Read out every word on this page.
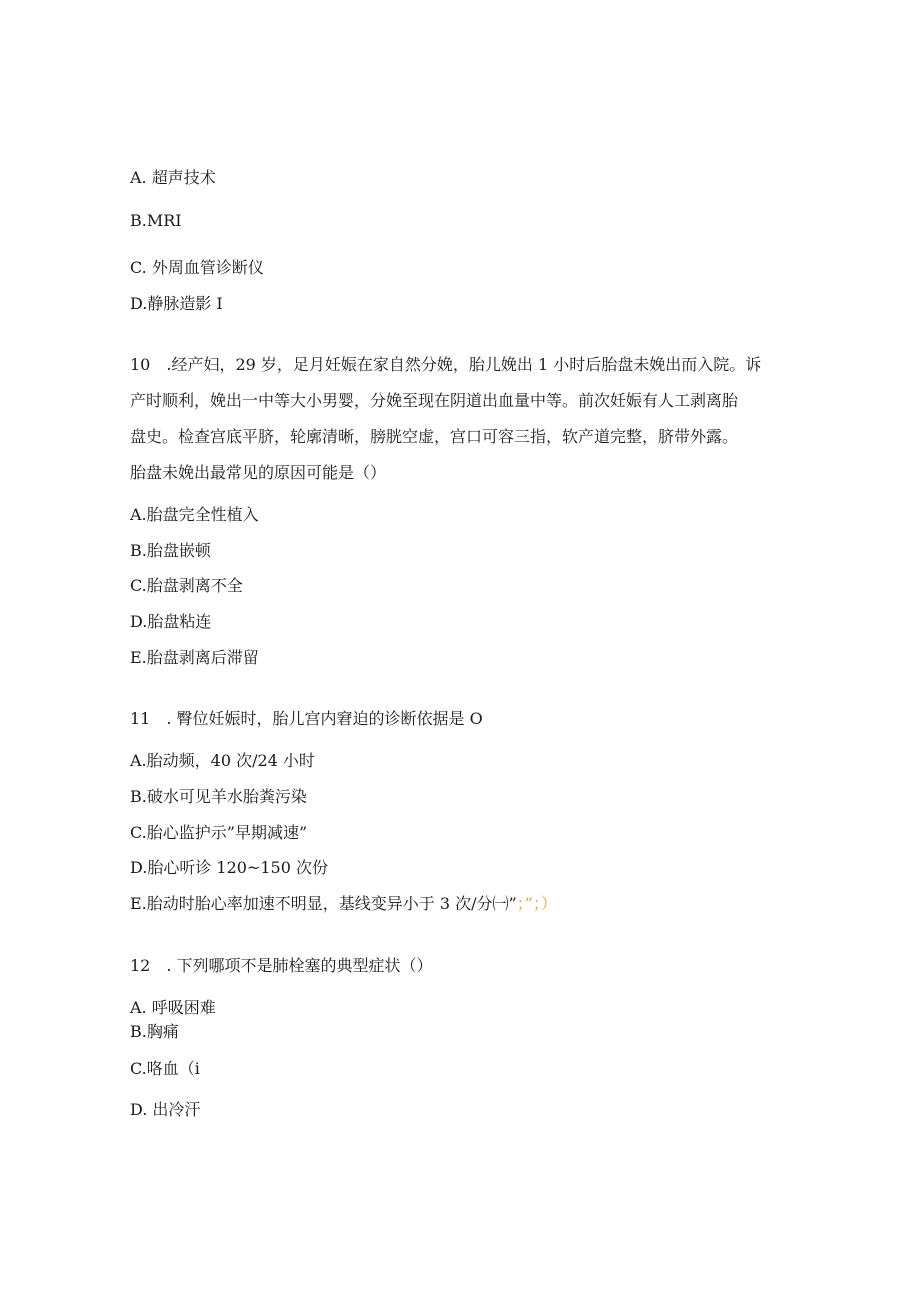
A. 超声技术
B.MRI
C. 外周血管诊断仪
D.静脉造影 I
10　.经产妇，29 岁，足月妊娠在家自然分娩，胎儿娩出 1 小时后胎盘未娩出而入院。诉
产时顺利，娩出一中等大小男婴，分娩至现在阴道出血量中等。前次妊娠有人工剥离胎
盘史。检查宫底平脐，轮廓清晰，膀胱空虚，宫口可容三指，软产道完整，脐带外露。
胎盘未娩出最常见的原因可能是（）
A.胎盘完全性植入
B.胎盘嵌顿
C.胎盘剥离不全
D.胎盘粘连
E.胎盘剥离后滞留
11　. 臀位妊娠时，胎儿宫内窘迫的诊断依据是 O
A.胎动频，40 次/24 小时
B.破水可见羊水胎粪污染
C.胎心监护示”早期减速”
D.胎心听诊 120~150 次份
E.胎动时胎心率加速不明显，基线变异小于 3 次/分㈠”；”；）
12　. 下列哪项不是肺栓塞的典型症状（）
A. 呼吸困难
B.胸痛
C.咯血（i
D. 出冷汗
